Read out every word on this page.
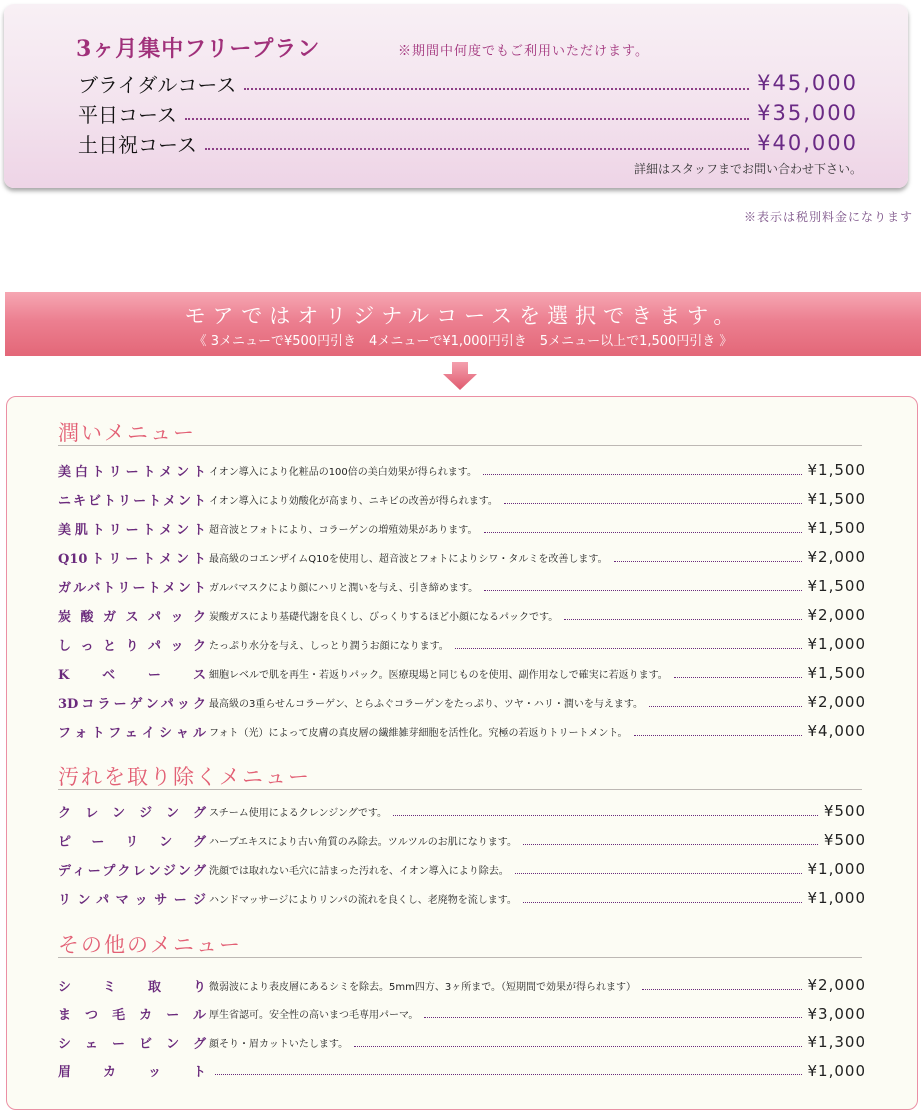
3ヶ月集中フリープラン	※期間中何度でもご利用いただけます。
ブライダルコース	¥45,000
平日コース	¥35,000
土日祝コース	¥40,000
詳細はスタッフまでお問い合わせ下さい。
※表示は税別料金になります
モアではオリジナルコースを選択できます。
《 3メニューで¥500円引き　4メニューで¥1,000円引き　5メニュー以上で1,500円引き 》
潤いメニュー
美白トリートメント イオン導入により化粧品の100倍の美白効果が得られます。	¥1,500
ニキビトリートメント イオン導入により効酸化が高まり、ニキビの改善が得られます。	¥1,500
美肌トリートメント 超音波とフォトにより、コラーゲンの増殖効果があります。	¥1,500
Q10トリートメント 最高級のコエンザイムQ10を使用し、超音波とフォトによりシワ・タルミを改善します。	¥2,000
ガルバトリートメント ガルバマスクにより顔にハリと潤いを与え、引き締めます。	¥1,500
炭酸ガスパック 炭酸ガスにより基礎代謝を良くし、びっくりするほど小顔になるパックです。	¥2,000
しっとりパック たっぷり水分を与え、しっとり潤うお顔になります。	¥1,000
Kベース 細胞レベルで肌を再生・若返りパック。医療現場と同じものを使用、副作用なしで確実に若返ります。	¥1,500
3Dコラーゲンパック 最高級の3重らせんコラーゲン、とらふぐコラーゲンをたっぷり、ツヤ・ハリ・潤いを与えます。	¥2,000
フォトフェイシャル フォト（光）によって皮膚の真皮層の繊維雑芽細胞を活性化。究極の若返りトリートメント。	¥4,000
汚れを取り除くメニュー
クレンジング スチーム使用によるクレンジングです。	¥500
ピーリング ハーブエキスにより古い角質のみ除去。ツルツルのお肌になります。	¥500
ディープクレンジング 洗顔では取れない毛穴に詰まった汚れを、イオン導入により除去。	¥1,000
リンパマッサージ ハンドマッサージによりリンパの流れを良くし、老廃物を流します。	¥1,000
その他のメニュー
シミ取り 微弱波により表皮層にあるシミを除去。5mm四方、3ヶ所まで。（短期間で効果が得られます）	¥2,000
まつ毛カール 厚生省認可。安全性の高いまつ毛専用パーマ。	¥3,000
シェービング 顔そり・眉カットいたします。	¥1,300
眉カット	¥1,000
